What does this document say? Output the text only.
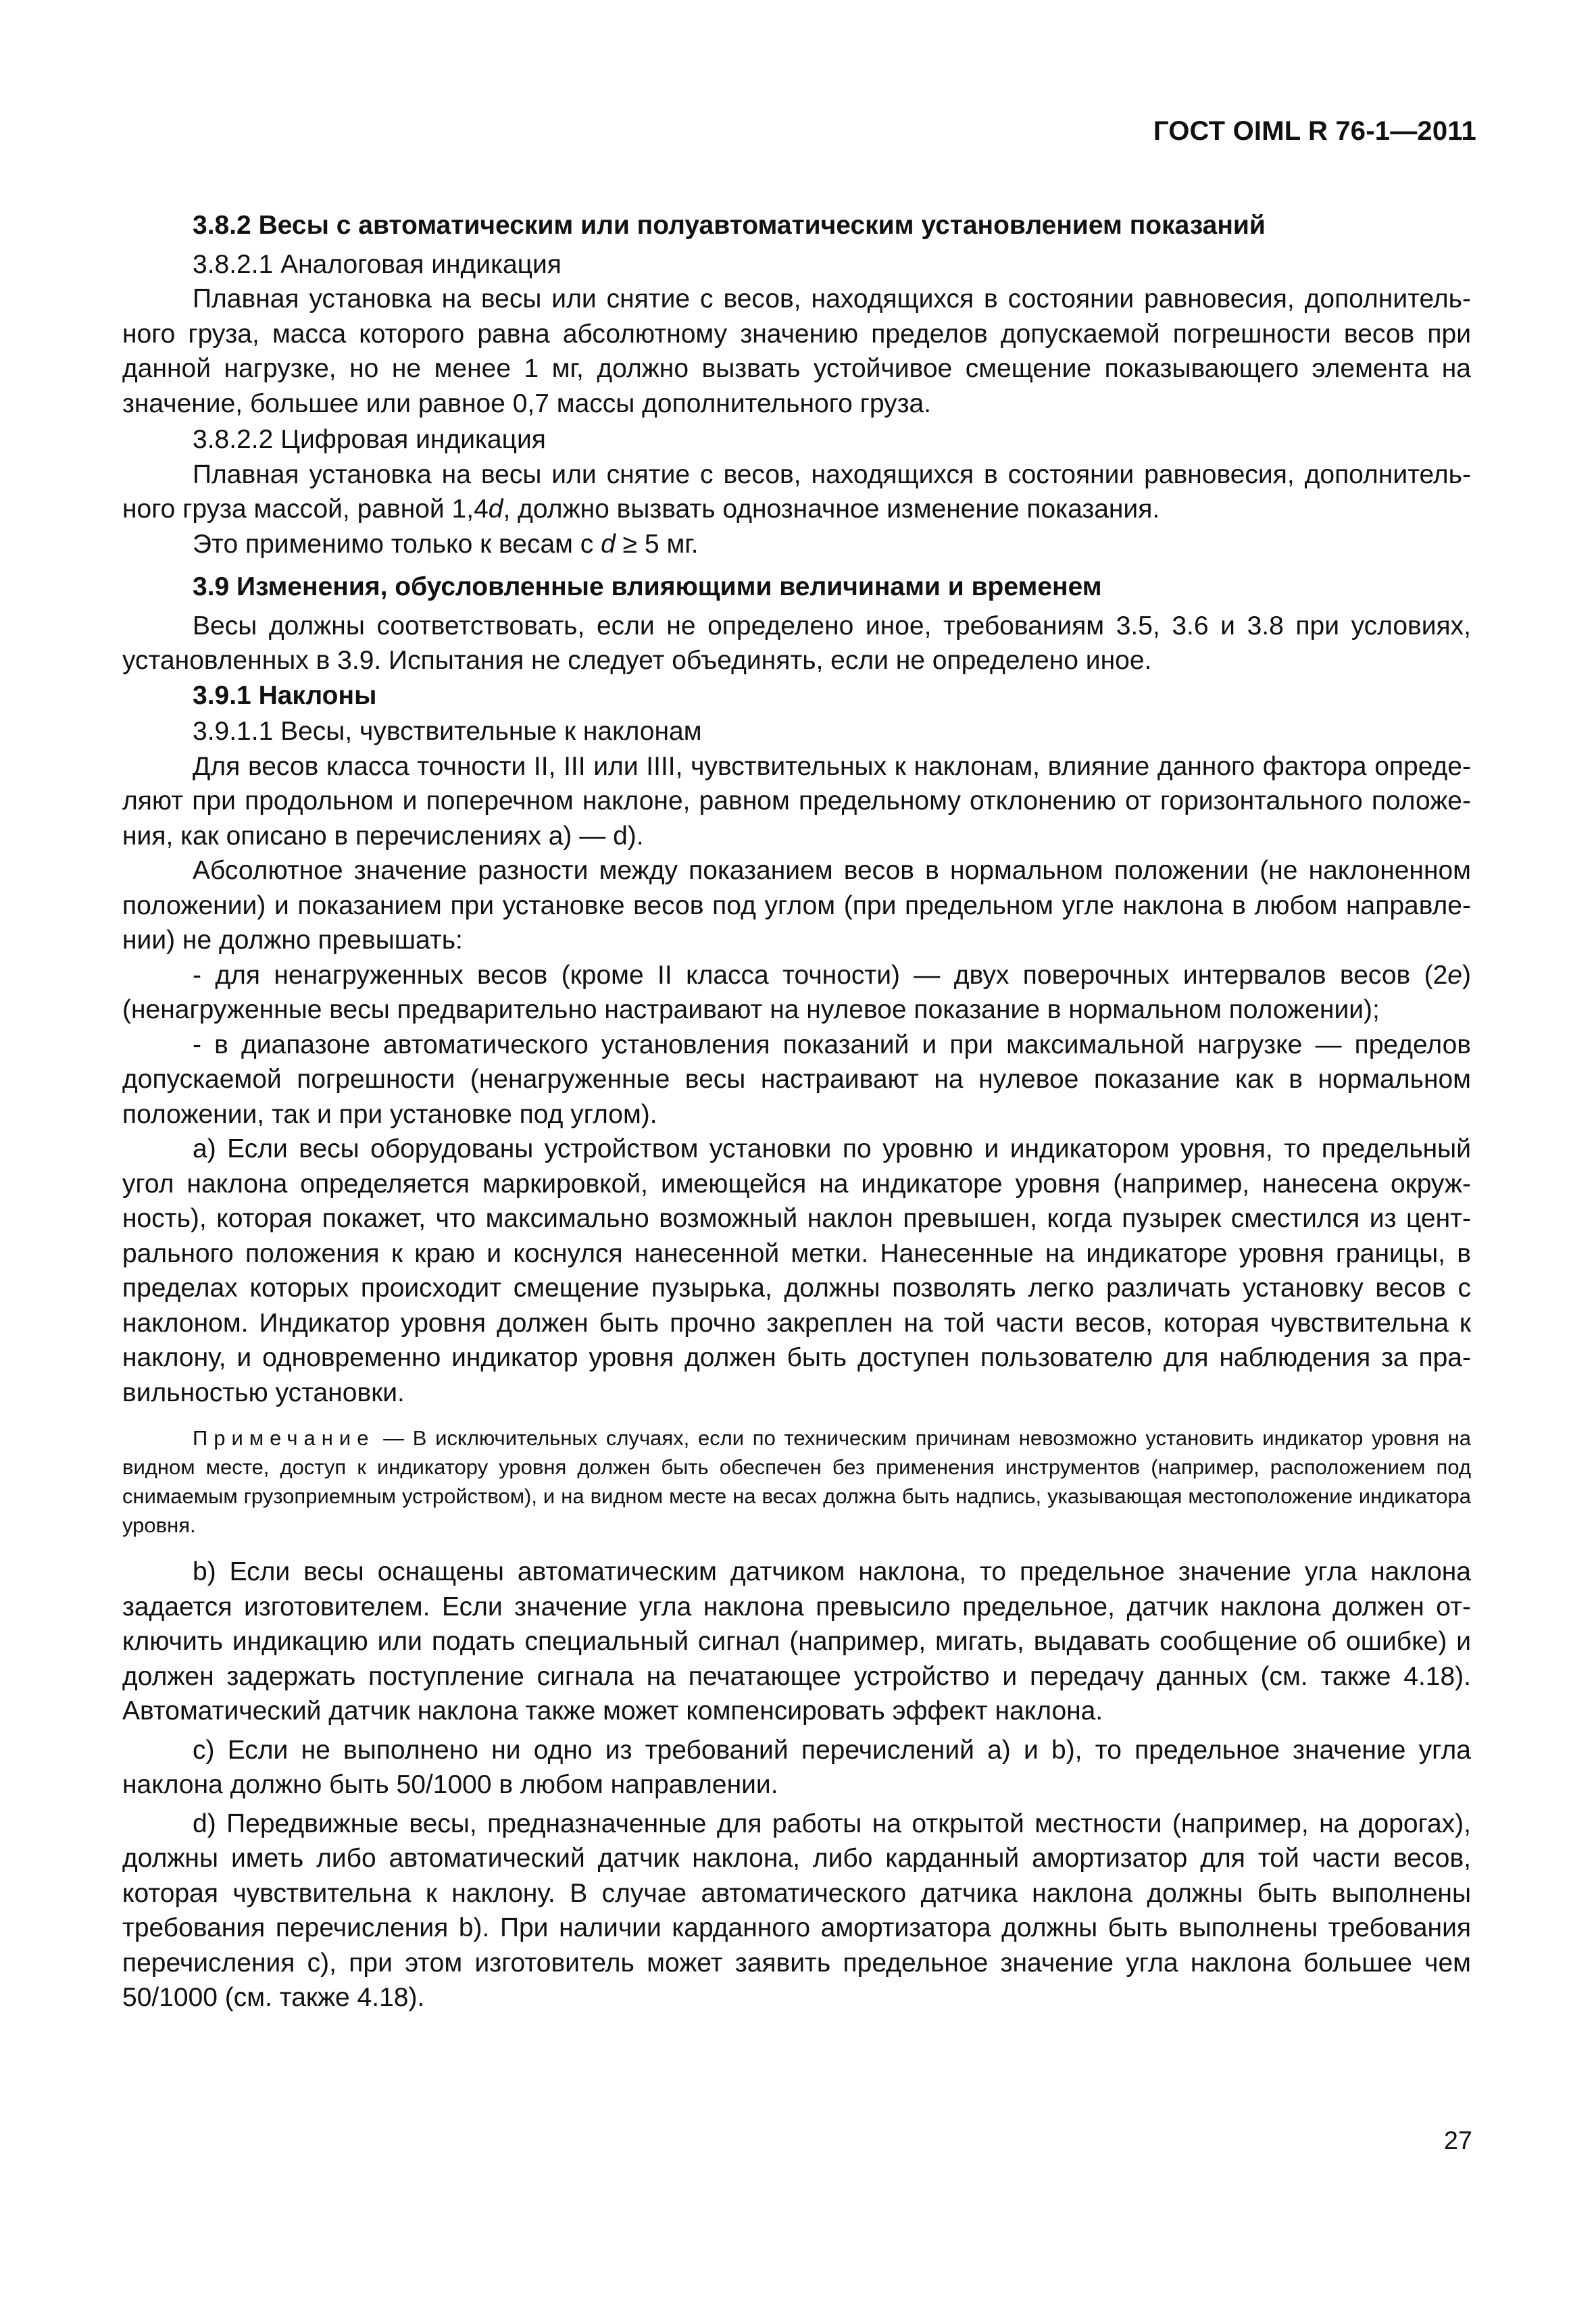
ГОСТ OIML R 76-1—2011

3.8.2 Весы с автоматическим или полуавтоматическим установлением показаний

3.8.2.1 Аналоговая индикация

Плавная установка на весы или снятие с весов, находящихся в состоянии равновесия, дополнительного груза, масса которого равна абсолютному значению пределов допускаемой погрешности весов при данной нагрузке, но не менее 1 мг, должно вызвать устойчивое смещение показывающего элемента на значение, большее или равное 0,7 массы дополнительного груза.

3.8.2.2 Цифровая индикация

Плавная установка на весы или снятие с весов, находящихся в состоянии равновесия, дополнительного груза массой, равной 1,4d, должно вызвать однозначное изменение показания.

Это применимо только к весам с d ≥ 5 мг.

3.9 Изменения, обусловленные влияющими величинами и временем

Весы должны соответствовать, если не определено иное, требованиям 3.5, 3.6 и 3.8 при условиях, установленных в 3.9. Испытания не следует объединять, если не определено иное.

3.9.1 Наклоны

3.9.1.1 Весы, чувствительные к наклонам

Для весов класса точности II, III или IIII, чувствительных к наклонам, влияние данного фактора определяют при продольном и поперечном наклоне, равном предельному отклонению от горизонтального положения, как описано в перечислениях а) — d).

Абсолютное значение разности между показанием весов в нормальном положении (не наклоненном положении) и показанием при установке весов под углом (при предельном угле наклона в любом направлении) не должно превышать:

- для ненагруженных весов (кроме II класса точности) — двух поверочных интервалов весов (2e) (ненагруженные весы предварительно настраивают на нулевое показание в нормальном положении);

- в диапазоне автоматического установления показаний и при максимальной нагрузке — пределов допускаемой погрешности (ненагруженные весы настраивают на нулевое показание как в нормальном положении, так и при установке под углом).

a) Если весы оборудованы устройством установки по уровню и индикатором уровня, то предельный угол наклона определяется маркировкой, имеющейся на индикаторе уровня (например, нанесена окружность), которая покажет, что максимально возможный наклон превышен, когда пузырек сместился из центрального положения к краю и коснулся нанесенной метки. Нанесенные на индикаторе уровня границы, в пределах которых происходит смещение пузырька, должны позволять легко различать установку весов с наклоном. Индикатор уровня должен быть прочно закреплен на той части весов, которая чувствительна к наклону, и одновременно индикатор уровня должен быть доступен пользователю для наблюдения за правильностью установки.

Примечание — В исключительных случаях, если по техническим причинам невозможно установить индикатор уровня на видном месте, доступ к индикатору уровня должен быть обеспечен без применения инструментов (например, расположением под снимаемым грузоприемным устройством), и на видном месте на весах должна быть надпись, указывающая местоположение индикатора уровня.

b) Если весы оснащены автоматическим датчиком наклона, то предельное значение угла наклона задается изготовителем. Если значение угла наклона превысило предельное, датчик наклона должен отключить индикацию или подать специальный сигнал (например, мигать, выдавать сообщение об ошибке) и должен задержать поступление сигнала на печатающее устройство и передачу данных (см. также 4.18). Автоматический датчик наклона также может компенсировать эффект наклона.

c) Если не выполнено ни одно из требований перечислений a) и b), то предельное значение угла наклона должно быть 50/1000 в любом направлении.

d) Передвижные весы, предназначенные для работы на открытой местности (например, на дорогах), должны иметь либо автоматический датчик наклона, либо карданный амортизатор для той части весов, которая чувствительна к наклону. В случае автоматического датчика наклона должны быть выполнены требования перечисления b). При наличии карданного амортизатора должны быть выполнены требования перечисления c), при этом изготовитель может заявить предельное значение угла наклона большее чем 50/1000 (см. также 4.18).

27
